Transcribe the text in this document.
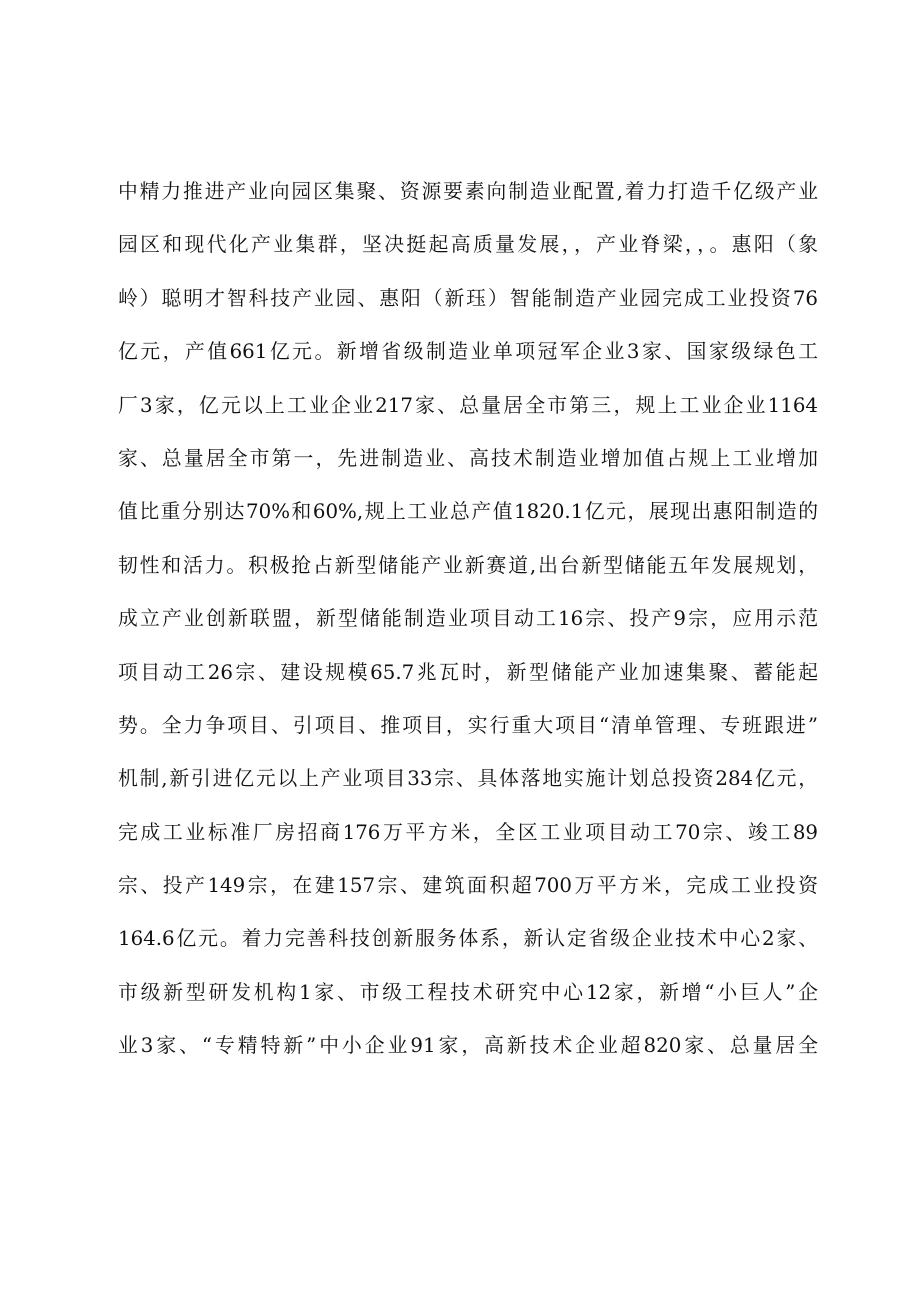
中精力推进产业向园区集聚、资源要素向制造业配置,着力打造千亿级产业
园区和现代化产业集群，坚决挺起高质量发展，，产业脊梁，，。惠阳（象
岭）聪明才智科技产业园、惠阳（新珏）智能制造产业园完成工业投资76
亿元，产值661亿元。新增省级制造业单项冠军企业3家、国家级绿色工
厂3家，亿元以上工业企业217家、总量居全市第三，规上工业企业1164
家、总量居全市第一，先进制造业、高技术制造业增加值占规上工业增加
值比重分别达70%和60%,规上工业总产值1820.1亿元，展现出惠阳制造的
韧性和活力。积极抢占新型储能产业新赛道,出台新型储能五年发展规划，
成立产业创新联盟，新型储能制造业项目动工16宗、投产9宗，应用示范
项目动工26宗、建设规模65.7兆瓦时，新型储能产业加速集聚、蓄能起
势。全力争项目、引项目、推项目，实行重大项目“清单管理、专班跟进”
机制,新引进亿元以上产业项目33宗、具体落地实施计划总投资284亿元，
完成工业标准厂房招商176万平方米，全区工业项目动工70宗、竣工89
宗、投产149宗，在建157宗、建筑面积超700万平方米，完成工业投资
164.6亿元。着力完善科技创新服务体系，新认定省级企业技术中心2家、
市级新型研发机构1家、市级工程技术研究中心12家，新增“小巨人”企
业3家、“专精特新”中小企业91家，高新技术企业超820家、总量居全
